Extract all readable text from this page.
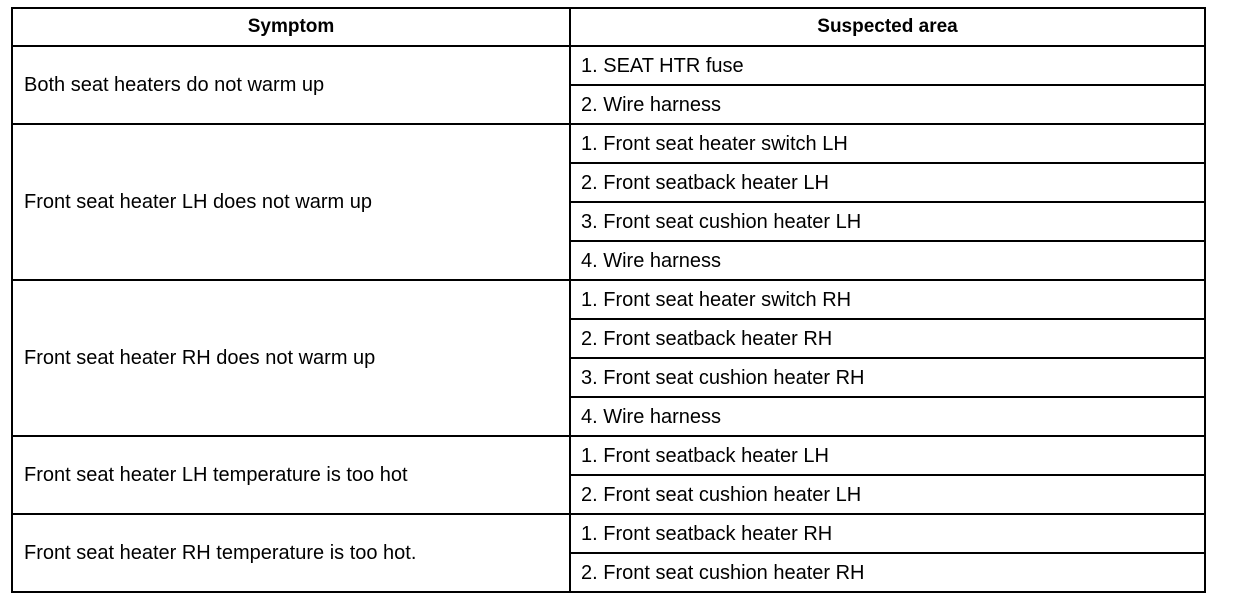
Symptom	Suspected area
Both seat heaters do not warm up	1. SEAT HTR fuse
	2. Wire harness
Front seat heater LH does not warm up	1. Front seat heater switch LH
	2. Front seatback heater LH
	3. Front seat cushion heater LH
	4. Wire harness
Front seat heater RH does not warm up	1. Front seat heater switch RH
	2. Front seatback heater RH
	3. Front seat cushion heater RH
	4. Wire harness
Front seat heater LH temperature is too hot	1. Front seatback heater LH
	2. Front seat cushion heater LH
Front seat heater RH temperature is too hot.	1. Front seatback heater RH
	2. Front seat cushion heater RH
